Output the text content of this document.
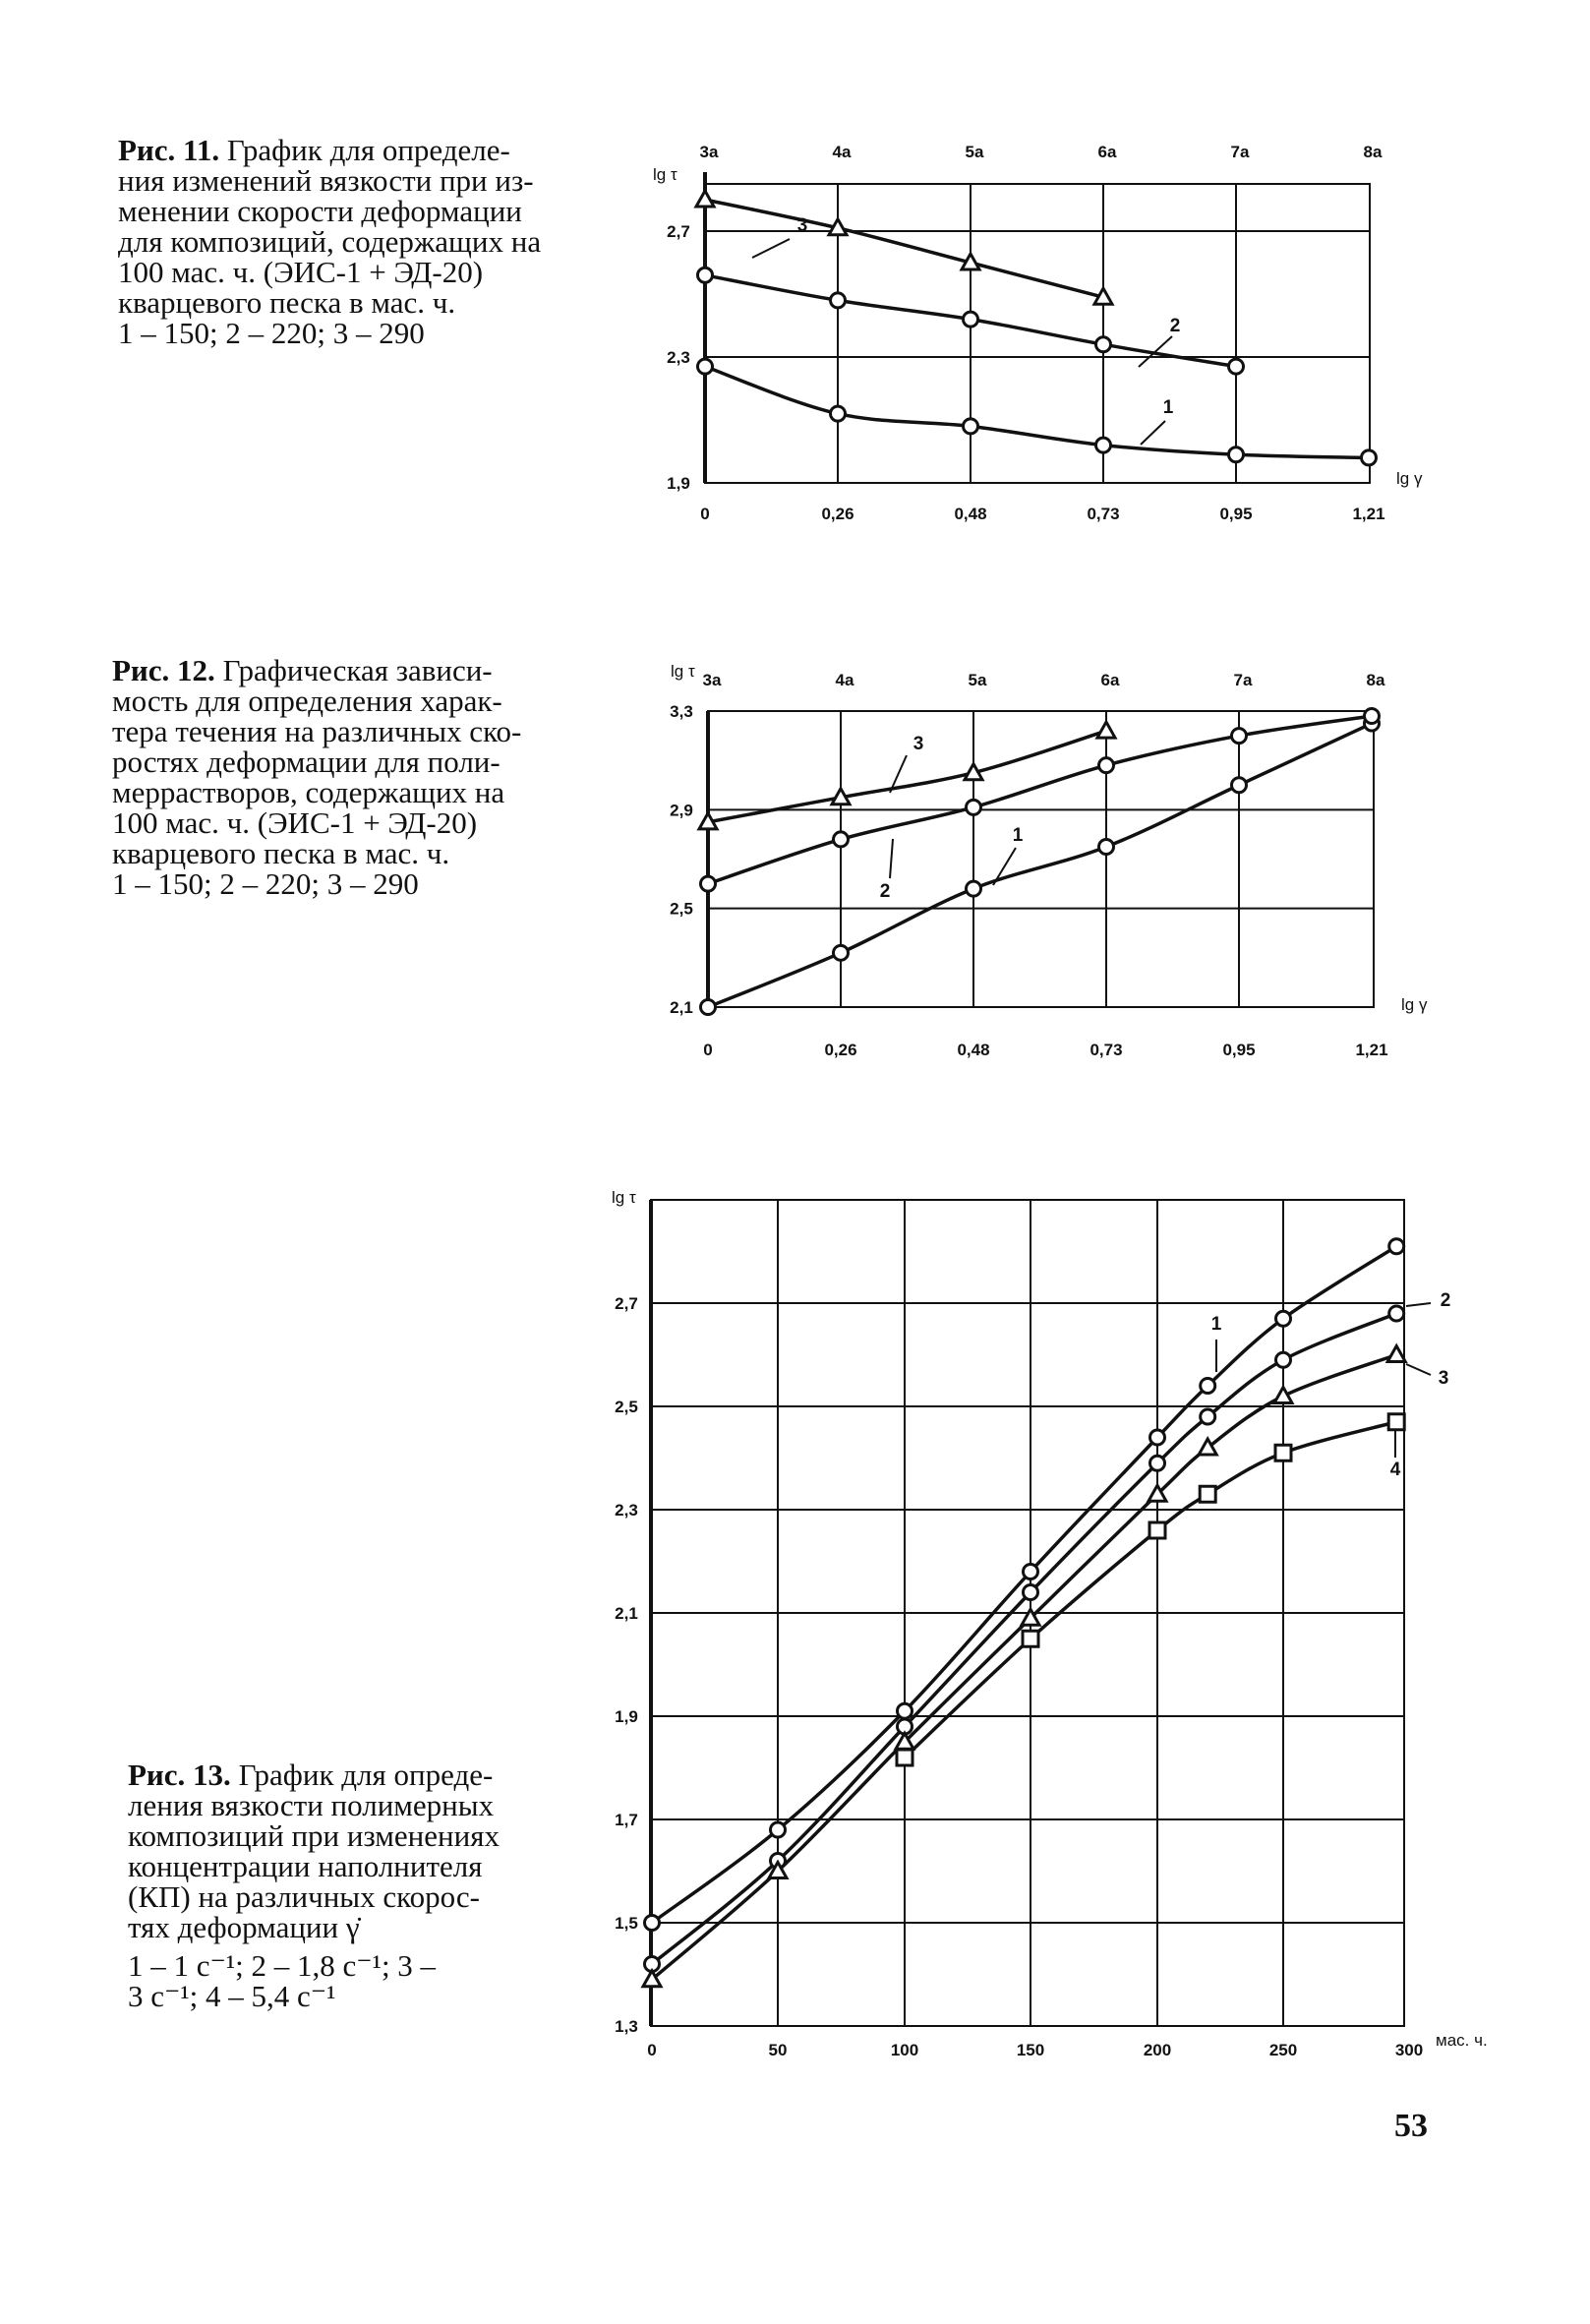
Рис. 11. График для определе-
ния изменений вязкости при из-
менении скорости деформации
для композиций, содержащих на
100 мас. ч. (ЭИС-1 + ЭД-20)
кварцевого песка в мас. ч.
1 – 150; 2 – 220; 3 – 290
Рис. 12. Графическая зависи-
мость для определения харак-
тера течения на различных ско-
ростях деформации для поли-
меррастворов, содержащих на
100 мас. ч. (ЭИС-1 + ЭД-20)
кварцевого песка в мас. ч.
1 – 150; 2 – 220; 3 – 290
Рис. 13. График для опреде-
ления вязкости полимерных
композиций при изменениях
концентрации наполнителя
(КП) на различных скорос-
тях деформации γ̇
1 – 1 с⁻¹; 2 – 1,8 с⁻¹; 3 –
3 с⁻¹; 4 – 5,4 с⁻¹
0	0,26	0,48	0,73	0,95	1,21
3а	4а	5а	6а	7а	8а
1,9
2,3
2,7
lg γ
lg τ
1
2
3
0	0,26	0,48	0,73	0,95	1,21
3а	4а	5а	6а	7а	8а
2,1
2,5
2,9
3,3
lg γ
lg τ
1
2
3
0	50	100	150	200	250	300
1,3
1,5
1,7
1,9
2,1
2,3
2,5
2,7
мас. ч.
lg τ
1
2
3
4
53
